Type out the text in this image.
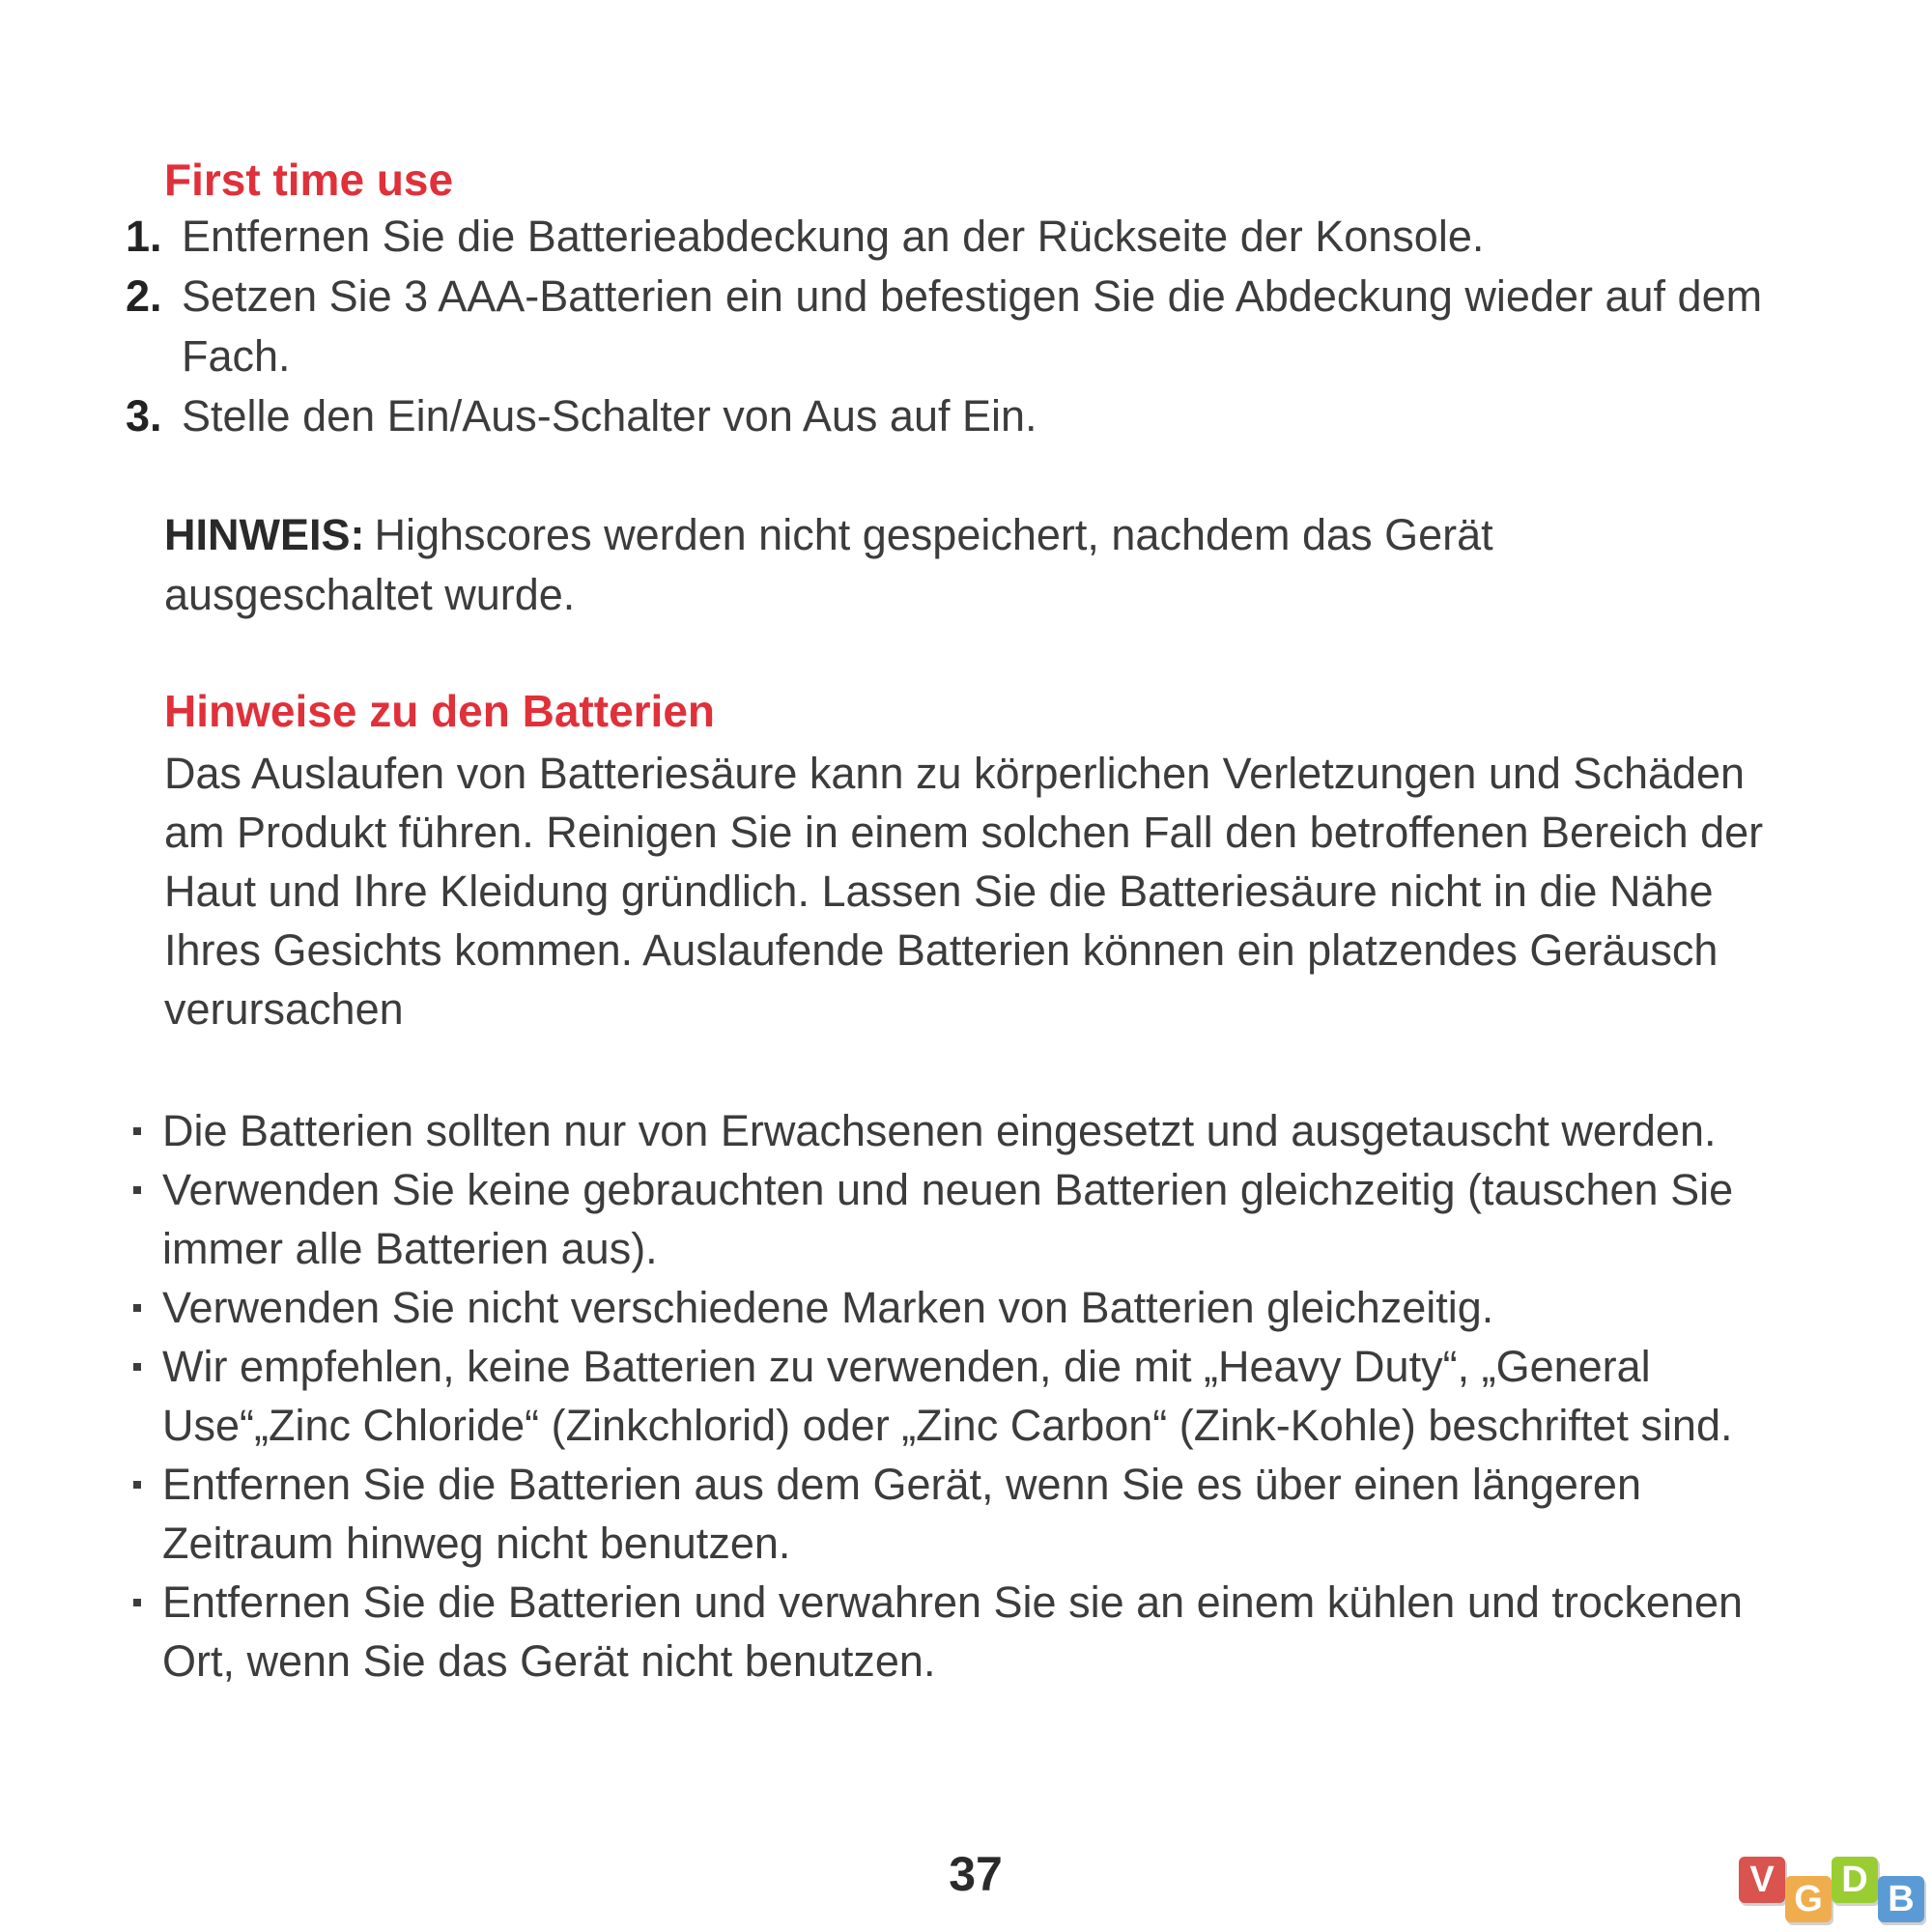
First time use
1. Entfernen Sie die Batterieabdeckung an der Rückseite der Konsole.
2. Setzen Sie 3 AAA-Batterien ein und befestigen Sie die Abdeckung wieder auf dem Fach.
3. Stelle den Ein/Aus-Schalter von Aus auf Ein.
HINWEIS: Highscores werden nicht gespeichert, nachdem das Gerät ausgeschaltet wurde.
Hinweise zu den Batterien

Das Auslaufen von Batteriesäure kann zu körperlichen Verletzungen und Schäden am Produkt führen. Reinigen Sie in einem solchen Fall den betroffenen Bereich der Haut und Ihre Kleidung gründlich. Lassen Sie die Batteriesäure nicht in die Nähe Ihres Gesichts kommen. Auslaufende Batterien können ein platzendes Geräusch verursachen

Die Batterien sollten nur von Erwachsenen eingesetzt und ausgetauscht werden.
Verwenden Sie keine gebrauchten und neuen Batterien gleichzeitig (tauschen Sie immer alle Batterien aus).
Verwenden Sie nicht verschiedene Marken von Batterien gleichzeitig.
Wir empfehlen, keine Batterien zu verwenden, die mit „Heavy Duty“, „General Use“„Zinc Chloride“ (Zinkchlorid) oder „Zinc Carbon“ (Zink-Kohle) beschriftet sind.
Entfernen Sie die Batterien aus dem Gerät, wenn Sie es über einen längeren Zeitraum hinweg nicht benutzen.
Entfernen Sie die Batterien und verwahren Sie sie an einem kühlen und trockenen Ort, wenn Sie das Gerät nicht benutzen.
37	V G D B
